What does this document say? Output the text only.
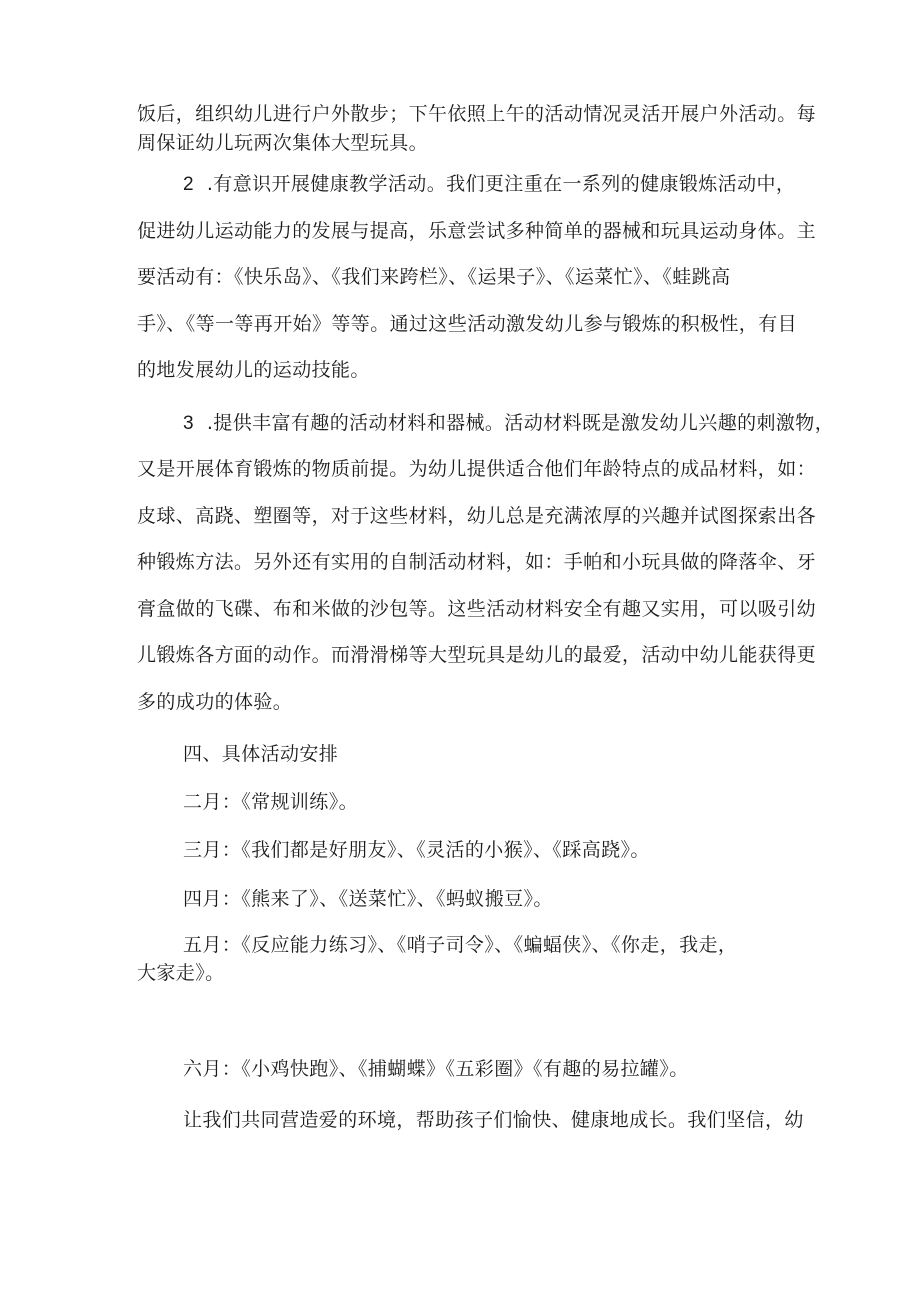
饭后，组织幼儿进行户外散步；下午依照上午的活动情况灵活开展户外活动。每

周保证幼儿玩两次集体大型玩具。

2 .有意识开展健康教学活动。我们更注重在一系列的健康锻炼活动中，

促进幼儿运动能力的发展与提高，乐意尝试多种简单的器械和玩具运动身体。主

要活动有：《快乐岛》、《我们来跨栏》、《运果子》、《运菜忙》、《蛙跳高

手》、《等一等再开始》等等。通过这些活动激发幼儿参与锻炼的积极性，有目

的地发展幼儿的运动技能。

3 .提供丰富有趣的活动材料和器械。活动材料既是激发幼儿兴趣的刺激物，

又是开展体育锻炼的物质前提。为幼儿提供适合他们年龄特点的成品材料，如：

皮球、高跷、塑圈等，对于这些材料，幼儿总是充满浓厚的兴趣并试图探索出各

种锻炼方法。另外还有实用的自制活动材料，如：手帕和小玩具做的降落伞、牙

膏盒做的飞碟、布和米做的沙包等。这些活动材料安全有趣又实用，可以吸引幼

儿锻炼各方面的动作。而滑滑梯等大型玩具是幼儿的最爱，活动中幼儿能获得更

多的成功的体验。

四、具体活动安排

二月：《常规训练》。

三月：《我们都是好朋友》、《灵活的小猴》、《踩高跷》。

四月：《熊来了》、《送菜忙》、《蚂蚁搬豆》。

五月：《反应能力练习》、《哨子司令》、《蝙蝠侠》、《你走，我走，

大家走》。

六月：《小鸡快跑》、《捕蝴蝶》《五彩圈》《有趣的易拉罐》。

让我们共同营造爱的环境，帮助孩子们愉快、健康地成长。我们坚信，幼
